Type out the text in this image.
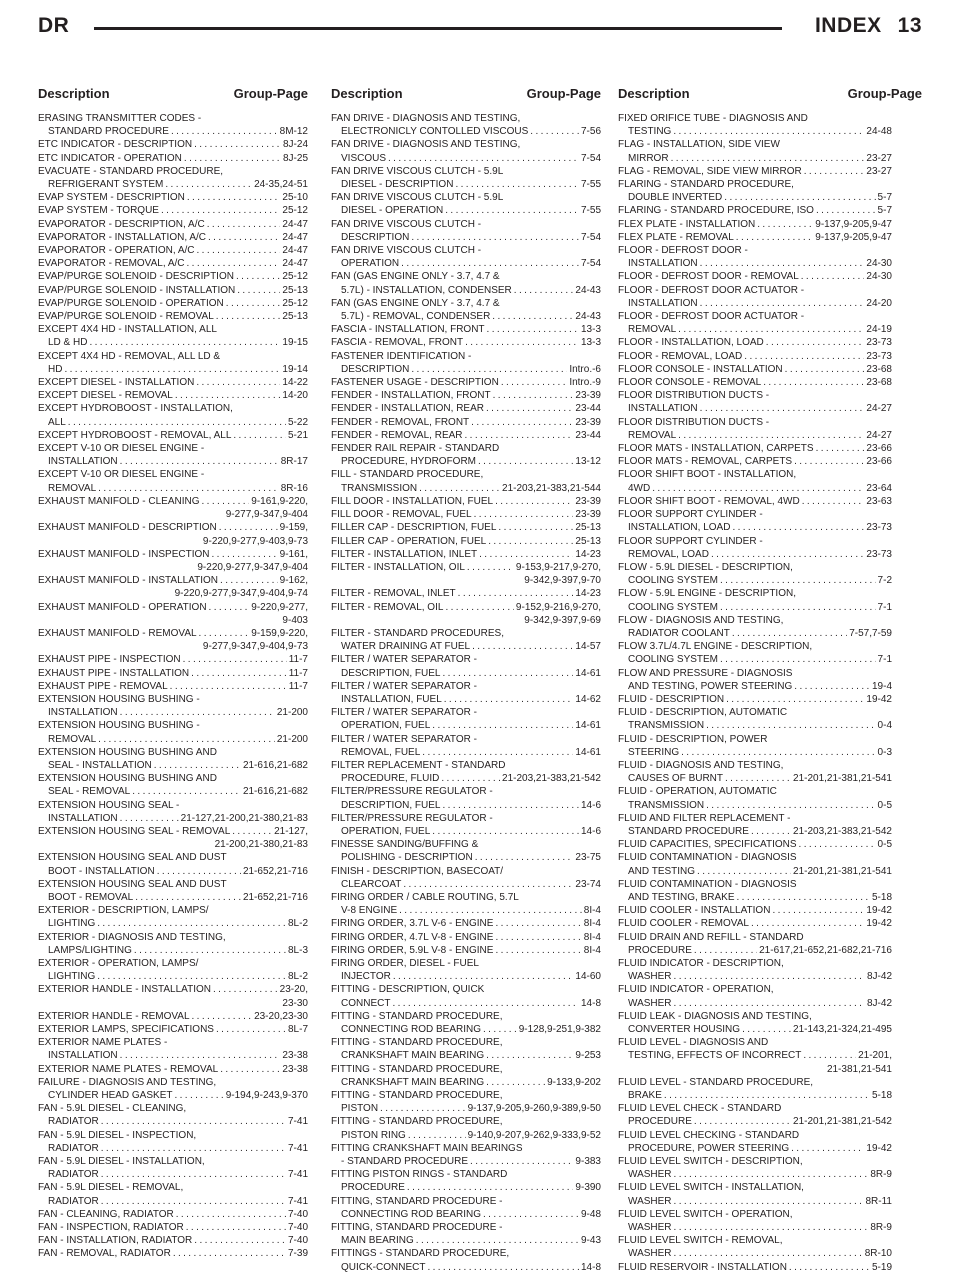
DR	INDEX 13
Description	Group-Page Description	Group-Page Description	Group-Page
ERASING TRANSMITTER CODES -
STANDARD PROCEDURE . . .	8M-12
ETC INDICATOR - DESCRIPTION . . .	8J-24
ETC INDICATOR - OPERATION . . .	8J-25
EVACUATE - STANDARD PROCEDURE,
REFRIGERANT SYSTEM . . .	24-35,24-51
EVAP SYSTEM - DESCRIPTION . . .	25-10
EVAP SYSTEM - TORQUE . . .	25-12
EVAPORATOR - DESCRIPTION, A/C . . .	24-47
EVAPORATOR - INSTALLATION, A/C . . .	24-47
EVAPORATOR - OPERATION, A/C . . .	24-47
EVAPORATOR - REMOVAL, A/C . . .	24-47
EVAP/PURGE SOLENOID - DESCRIPTION . . .	25-12
EVAP/PURGE SOLENOID - INSTALLATION . . .	25-13
EVAP/PURGE SOLENOID - OPERATION . . .	25-12
EVAP/PURGE SOLENOID - REMOVAL . . .	25-13
EXCEPT 4X4 HD - INSTALLATION, ALL
LD & HD . . .	19-15
EXCEPT 4X4 HD - REMOVAL, ALL LD &
HD . . .	19-14
EXCEPT DIESEL - INSTALLATION . . .	14-22
EXCEPT DIESEL - REMOVAL . . .	14-20
EXCEPT HYDROBOOST - INSTALLATION,
ALL . . .	5-22
EXCEPT HYDROBOOST - REMOVAL, ALL . . .	5-21
EXCEPT V-10 OR DIESEL ENGINE -
INSTALLATION . . .	8R-17
EXCEPT V-10 OR DIESEL ENGINE -
REMOVAL . . .	8R-16
EXHAUST MANIFOLD - CLEANING . . .	9-161,9-220,
9-277,9-347,9-404
EXHAUST MANIFOLD - DESCRIPTION . . .	9-159,
9-220,9-277,9-403,9-73
EXHAUST MANIFOLD - INSPECTION . . .	9-161,
9-220,9-277,9-347,9-404
EXHAUST MANIFOLD - INSTALLATION . . .	9-162,
9-220,9-277,9-347,9-404,9-74
EXHAUST MANIFOLD - OPERATION . . .	9-220,9-277,
9-403
EXHAUST MANIFOLD - REMOVAL . . .	9-159,9-220,
9-277,9-347,9-404,9-73
EXHAUST PIPE - INSPECTION . . .	11-7
EXHAUST PIPE - INSTALLATION . . .	11-7
EXHAUST PIPE - REMOVAL . . .	11-7
EXTENSION HOUSING BUSHING -
INSTALLATION . . .	21-200
EXTENSION HOUSING BUSHING -
REMOVAL . . .	21-200
EXTENSION HOUSING BUSHING AND
SEAL - INSTALLATION . . .	21-616,21-682
EXTENSION HOUSING BUSHING AND
SEAL - REMOVAL . . .	21-616,21-682
EXTENSION HOUSING SEAL -
INSTALLATION . . .	21-127,21-200,21-380,21-83
EXTENSION HOUSING SEAL - REMOVAL . . .	21-127,
21-200,21-380,21-83
EXTENSION HOUSING SEAL AND DUST
BOOT - INSTALLATION . . .	21-652,21-716
EXTENSION HOUSING SEAL AND DUST
BOOT - REMOVAL . . .	21-652,21-716
EXTERIOR - DESCRIPTION, LAMPS/
LIGHTING . . .	8L-2
EXTERIOR - DIAGNOSIS AND TESTING,
LAMPS/LIGHTING . . .	8L-3
EXTERIOR - OPERATION, LAMPS/
LIGHTING . . .	8L-2
EXTERIOR HANDLE - INSTALLATION . . .	23-20,
23-30
EXTERIOR HANDLE - REMOVAL . . .	23-20,23-30
EXTERIOR LAMPS, SPECIFICATIONS . . .	8L-7
EXTERIOR NAME PLATES -
INSTALLATION . . .	23-38
EXTERIOR NAME PLATES - REMOVAL . . .	23-38
FAILURE - DIAGNOSIS AND TESTING,
CYLINDER HEAD GASKET . . .	9-194,9-243,9-370
FAN - 5.9L DIESEL - CLEANING,
RADIATOR . . .	7-41
FAN - 5.9L DIESEL - INSPECTION,
RADIATOR . . .	7-41
FAN - 5.9L DIESEL - INSTALLATION,
RADIATOR . . .	7-41
FAN - 5.9L DIESEL - REMOVAL,
RADIATOR . . .	7-41
FAN - CLEANING, RADIATOR . . .	7-40
FAN - INSPECTION, RADIATOR . . .	7-40
FAN - INSTALLATION, RADIATOR . . .	7-40
FAN - REMOVAL, RADIATOR . . .	7-39
FAN DRIVE - DIAGNOSIS AND TESTING,
ELECTRONICLY CONTOLLED VISCOUS . . .	7-56
FAN DRIVE - DIAGNOSIS AND TESTING,
VISCOUS . . .	7-54
FAN DRIVE VISCOUS CLUTCH - 5.9L
DIESEL - DESCRIPTION . . .	7-55
FAN DRIVE VISCOUS CLUTCH - 5.9L
DIESEL - OPERATION . . .	7-55
FAN DRIVE VISCOUS CLUTCH -
DESCRIPTION . . .	7-54
FAN DRIVE VISCOUS CLUTCH -
OPERATION . . .	7-54
FAN (GAS ENGINE ONLY - 3.7, 4.7 &
5.7L) - INSTALLATION, CONDENSER . . .	24-43
FAN (GAS ENGINE ONLY - 3.7, 4.7 &
5.7L) - REMOVAL, CONDENSER . . .	24-43
FASCIA - INSTALLATION, FRONT . . .	13-3
FASCIA - REMOVAL, FRONT . . .	13-3
FASTENER IDENTIFICATION -
DESCRIPTION . . .	Intro.-6
FASTENER USAGE - DESCRIPTION . . .	Intro.-9
FENDER - INSTALLATION, FRONT . . .	23-39
FENDER - INSTALLATION, REAR . . .	23-44
FENDER - REMOVAL, FRONT . . .	23-39
FENDER - REMOVAL, REAR . . .	23-44
FENDER RAIL REPAIR - STANDARD
PROCEDURE, HYDROFORM . . .	13-12
FILL - STANDARD PROCEDURE,
TRANSMISSION . . .	21-203,21-383,21-544
FILL DOOR - INSTALLATION, FUEL . . .	23-39
FILL DOOR - REMOVAL, FUEL . . .	23-39
FILLER CAP - DESCRIPTION, FUEL . . .	25-13
FILLER CAP - OPERATION, FUEL . . .	25-13
FILTER - INSTALLATION, INLET . . .	14-23
FILTER - INSTALLATION, OIL . . .	9-153,9-217,9-270,
9-342,9-397,9-70
FILTER - REMOVAL, INLET . . .	14-23
FILTER - REMOVAL, OIL . . .	9-152,9-216,9-270,
9-342,9-397,9-69
FILTER - STANDARD PROCEDURES,
WATER DRAINING AT FUEL . . .	14-57
FILTER / WATER SEPARATOR -
DESCRIPTION, FUEL . . .	14-61
FILTER / WATER SEPARATOR -
INSTALLATION, FUEL . . .	14-62
FILTER / WATER SEPARATOR -
OPERATION, FUEL . . .	14-61
FILTER / WATER SEPARATOR -
REMOVAL, FUEL . . .	14-61
FILTER REPLACEMENT - STANDARD
PROCEDURE, FLUID . . .	21-203,21-383,21-542
FILTER/PRESSURE REGULATOR -
DESCRIPTION, FUEL . . .	14-6
FILTER/PRESSURE REGULATOR -
OPERATION, FUEL . . .	14-6
FINESSE SANDING/BUFFING &
POLISHING - DESCRIPTION . . .	23-75
FINISH - DESCRIPTION, BASECOAT/
CLEARCOAT . . .	23-74
FIRING ORDER / CABLE ROUTING, 5.7L
V-8 ENGINE . . .	8I-4
FIRING ORDER, 3.7L V-6 - ENGINE . . .	8I-4
FIRING ORDER, 4.7L V-8 - ENGINE . . .	8I-4
FIRING ORDER, 5.9L V-8 - ENGINE . . .	8I-4
FIRING ORDER, DIESEL - FUEL
INJECTOR . . .	14-60
FITTING - DESCRIPTION, QUICK
CONNECT . . .	14-8
FITTING - STANDARD PROCEDURE,
CONNECTING ROD BEARING . . .	9-128,9-251,9-382
FITTING - STANDARD PROCEDURE,
CRANKSHAFT MAIN BEARING . . .	9-253
FITTING - STANDARD PROCEDURE,
CRANKSHAFT MAIN BEARING . . .	9-133,9-202
FITTING - STANDARD PROCEDURE,
PISTON . . .	9-137,9-205,9-260,9-389,9-50
FITTING - STANDARD PROCEDURE,
PISTON RING . . .	9-140,9-207,9-262,9-333,9-52
FITTING CRANKSHAFT MAIN BEARINGS
- STANDARD PROCEDURE . . .	9-383
FITTING PISTON RINGS - STANDARD
PROCEDURE . . .	9-390
FITTING, STANDARD PROCEDURE -
CONNECTING ROD BEARING . . .	9-48
FITTING, STANDARD PROCEDURE -
MAIN BEARING . . .	9-43
FITTINGS - STANDARD PROCEDURE,
QUICK-CONNECT . . .	14-8
FIXED ORIFICE TUBE - DIAGNOSIS AND
TESTING . . .	24-48
FLAG - INSTALLATION, SIDE VIEW
MIRROR . . .	23-27
FLAG - REMOVAL, SIDE VIEW MIRROR . . .	23-27
FLARING - STANDARD PROCEDURE,
DOUBLE INVERTED . . .	5-7
FLARING - STANDARD PROCEDURE, ISO . . .	5-7
FLEX PLATE - INSTALLATION . . .	9-137,9-205,9-47
FLEX PLATE - REMOVAL . . .	9-137,9-205,9-47
FLOOR - DEFROST DOOR -
INSTALLATION . . .	24-30
FLOOR - DEFROST DOOR - REMOVAL . . .	24-30
FLOOR - DEFROST DOOR ACTUATOR -
INSTALLATION . . .	24-20
FLOOR - DEFROST DOOR ACTUATOR -
REMOVAL . . .	24-19
FLOOR - INSTALLATION, LOAD . . .	23-73
FLOOR - REMOVAL, LOAD . . .	23-73
FLOOR CONSOLE - INSTALLATION . . .	23-68
FLOOR CONSOLE - REMOVAL . . .	23-68
FLOOR DISTRIBUTION DUCTS -
INSTALLATION . . .	24-27
FLOOR DISTRIBUTION DUCTS -
REMOVAL . . .	24-27
FLOOR MATS - INSTALLATION, CARPETS . . .	23-66
FLOOR MATS - REMOVAL, CARPETS . . .	23-66
FLOOR SHIFT BOOT - INSTALLATION,
4WD . . .	23-64
FLOOR SHIFT BOOT - REMOVAL, 4WD . . .	23-63
FLOOR SUPPORT CYLINDER -
INSTALLATION, LOAD . . .	23-73
FLOOR SUPPORT CYLINDER -
REMOVAL, LOAD . . .	23-73
FLOW - 5.9L DIESEL - DESCRIPTION,
COOLING SYSTEM . . .	7-2
FLOW - 5.9L ENGINE - DESCRIPTION,
COOLING SYSTEM . . .	7-1
FLOW - DIAGNOSIS AND TESTING,
RADIATOR COOLANT . . .	7-57,7-59
FLOW 3.7L/4.7L ENGINE - DESCRIPTION,
COOLING SYSTEM . . .	7-1
FLOW AND PRESSURE - DIAGNOSIS
AND TESTING, POWER STEERING . . .	19-4
FLUID - DESCRIPTION . . .	19-42
FLUID - DESCRIPTION, AUTOMATIC
TRANSMISSION . . .	0-4
FLUID - DESCRIPTION, POWER
STEERING . . .	0-3
FLUID - DIAGNOSIS AND TESTING,
CAUSES OF BURNT . . .	21-201,21-381,21-541
FLUID - OPERATION, AUTOMATIC
TRANSMISSION . . .	0-5
FLUID AND FILTER REPLACEMENT -
STANDARD PROCEDURE . . .	21-203,21-383,21-542
FLUID CAPACITIES, SPECIFICATIONS . . .	0-5
FLUID CONTAMINATION - DIAGNOSIS
AND TESTING . . .	21-201,21-381,21-541
FLUID CONTAMINATION - DIAGNOSIS
AND TESTING, BRAKE . . .	5-18
FLUID COOLER - INSTALLATION . . .	19-42
FLUID COOLER - REMOVAL . . .	19-42
FLUID DRAIN AND REFILL - STANDARD
PROCEDURE . . .	21-617,21-652,21-682,21-716
FLUID INDICATOR - DESCRIPTION,
WASHER . . .	8J-42
FLUID INDICATOR - OPERATION,
WASHER . . .	8J-42
FLUID LEAK - DIAGNOSIS AND TESTING,
CONVERTER HOUSING . . .	21-143,21-324,21-495
FLUID LEVEL - DIAGNOSIS AND
TESTING, EFFECTS OF INCORRECT . . .	21-201,
21-381,21-541
FLUID LEVEL - STANDARD PROCEDURE,
BRAKE . . .	5-18
FLUID LEVEL CHECK - STANDARD
PROCEDURE . . .	21-201,21-381,21-542
FLUID LEVEL CHECKING - STANDARD
PROCEDURE, POWER STEERING . . .	19-42
FLUID LEVEL SWITCH - DESCRIPTION,
WASHER . . .	8R-9
FLUID LEVEL SWITCH - INSTALLATION,
WASHER . . .	8R-11
FLUID LEVEL SWITCH - OPERATION,
WASHER . . .	8R-9
FLUID LEVEL SWITCH - REMOVAL,
WASHER . . .	8R-10
FLUID RESERVOIR - INSTALLATION . . .	5-19
